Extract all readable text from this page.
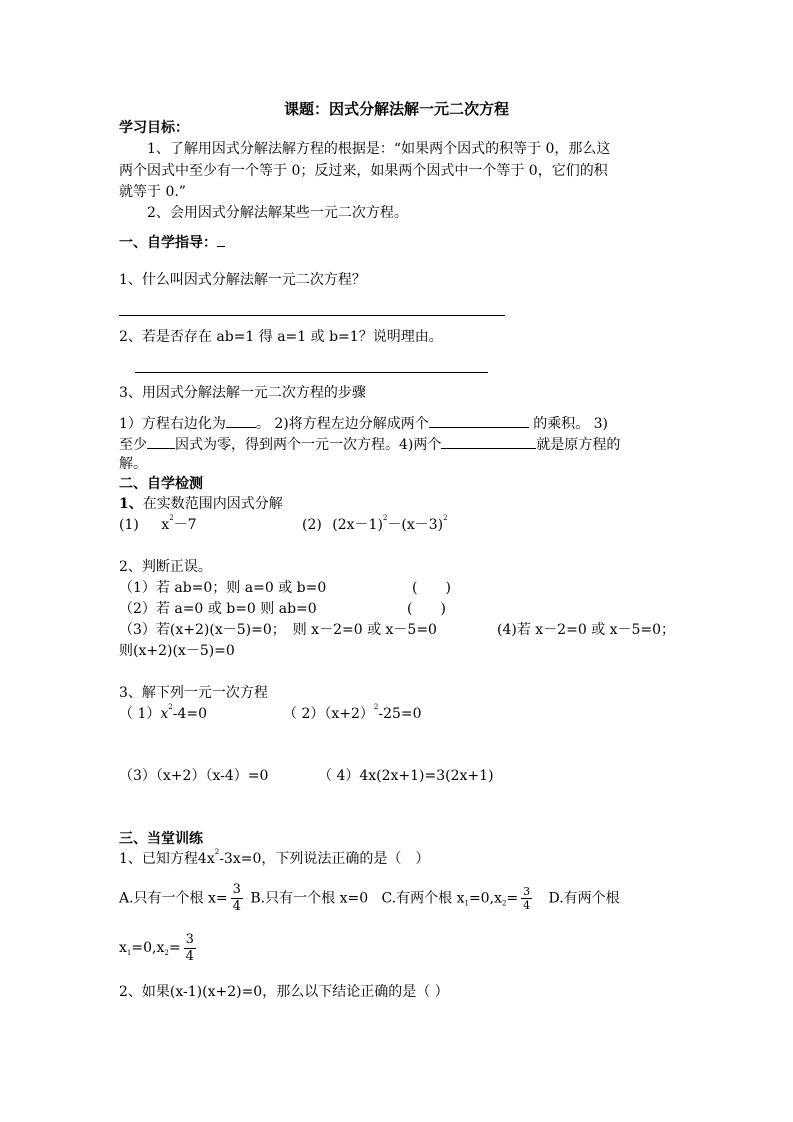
课题：因式分解法解一元二次方程
学习目标：
1、了解用因式分解法解方程的根据是：“如果两个因式的积等于 0，那么这
两个因式中至少有一个等于 0；反过来，如果两个因式中一个等于 0，它们的积
就等于 0.”
2、会用因式分解法解某些一元二次方程。
一、自学指导：
1、什么叫因式分解法解一元二次方程？
2、若是否存在 ab=1 得 a=1 或 b=1？说明理由。
3、用因式分解法解一元二次方程的步骤
1）方程右边化为 。 2)将方程左边分解成两个	的乘积。 3)
至少 因式为零，得到两个一元一次方程。4)两个	就是原方程的
解。
二、自学检测
1、在实数范围内因式分解
(1) $x^2-7$	(2) $(2x-1)^2-(x-3)^2$
2、判断正误。
（1）若 ab=0；则 a=0 或 b=0	(　　)
（2）若 a=0 或 b=0 则 ab=0	(　　)
（3）若(x+2)(x－5)=0；　则 x－2=0 或 x－5=0	(4)若 x－2=0 或 x－5=0；
则(x+2)(x－5)=0
3、解下列一元一次方程
（ $1)x^2-4=0$	（ $2)(x+2)^2-25=0$
（3）（x+2）（x-4）=0	（ 4）4x(2x+1)=3(2x+1)
三、当堂训练
1、已知方程$4x^2-3x=0$，下列说法正确的是（　）
A.只有一个根 $x= \frac{3}{4} B$.只有一个根 x=0 C.有两个根 $x_1=0,x_2= \frac{3}{4} D$.有两个根
$x_1=0,x_2= \frac{3}{4}$
2、如果(x-1)(x+2)=0，那么以下结论正确的是（ ）
